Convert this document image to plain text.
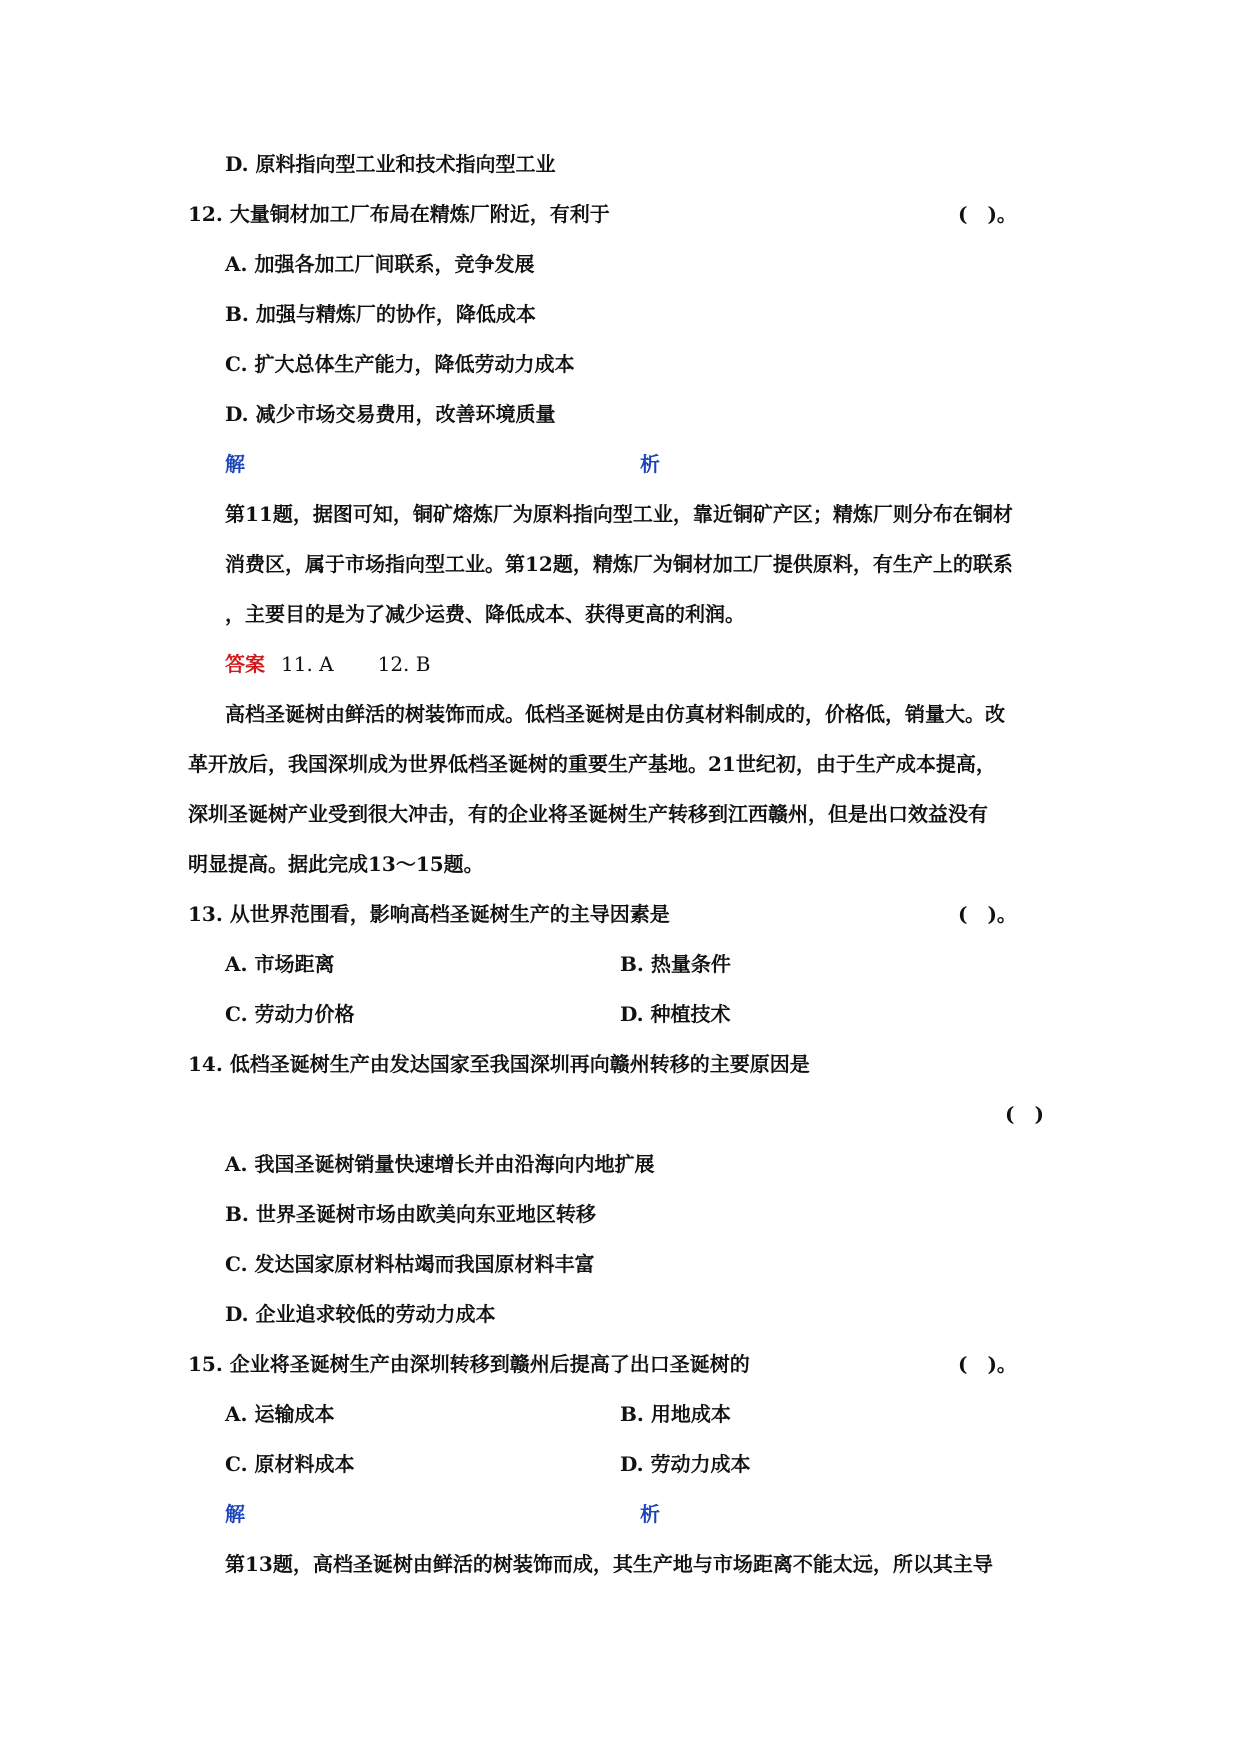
D. 原料指向型工业和技术指向型工业
12. 大量铜材加工厂布局在精炼厂附近，有利于	(　)。
A. 加强各加工厂间联系，竞争发展
B. 加强与精炼厂的协作，降低成本
C. 扩大总体生产能力，降低劳动力成本
D. 减少市场交易费用，改善环境质量
解	析
第11题，据图可知，铜矿熔炼厂为原料指向型工业，靠近铜矿产区；精炼厂则分布在铜材
消费区，属于市场指向型工业。第12题，精炼厂为铜材加工厂提供原料，有生产上的联系
，主要目的是为了减少运费、降低成本、获得更高的利润。
答案 11. A 12. B
高档圣诞树由鲜活的树装饰而成。低档圣诞树是由仿真材料制成的，价格低，销量大。改
革开放后，我国深圳成为世界低档圣诞树的重要生产基地。21世纪初，由于生产成本提高，
深圳圣诞树产业受到很大冲击，有的企业将圣诞树生产转移到江西赣州，但是出口效益没有
明显提高。据此完成13～15题。
13. 从世界范围看，影响高档圣诞树生产的主导因素是	(　)。
A. 市场距离	B. 热量条件
C. 劳动力价格	D. 种植技术
14. 低档圣诞树生产由发达国家至我国深圳再向赣州转移的主要原因是
(　)
A. 我国圣诞树销量快速增长并由沿海向内地扩展
B. 世界圣诞树市场由欧美向东亚地区转移
C. 发达国家原材料枯竭而我国原材料丰富
D. 企业追求较低的劳动力成本
15. 企业将圣诞树生产由深圳转移到赣州后提高了出口圣诞树的	(　)。
A. 运输成本	B. 用地成本
C. 原材料成本	D. 劳动力成本
解	析
第13题，高档圣诞树由鲜活的树装饰而成，其生产地与市场距离不能太远，所以其主导
